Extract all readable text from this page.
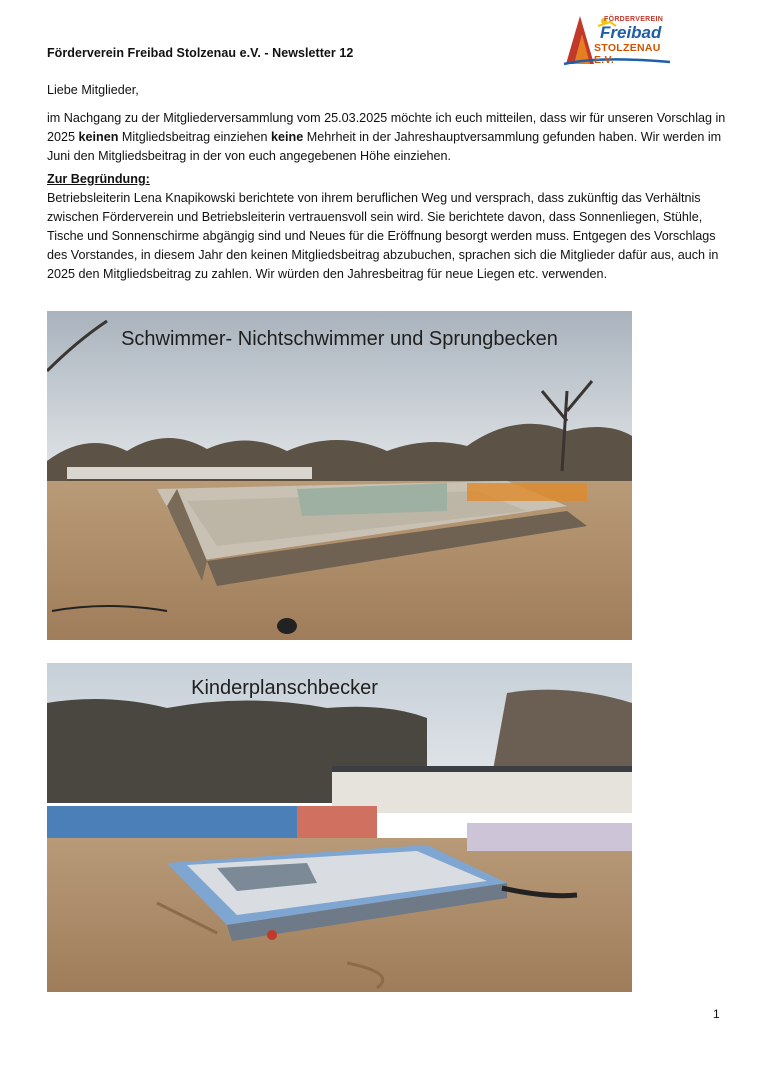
Förderverein Freibad Stolzenau e.V. - Newsletter 12
FÖRDERVEREIN
Freibad
STOLZENAU E.V.
Liebe Mitglieder,
im Nachgang zu der Mitgliederversammlung vom 25.03.2025 möchte ich euch mitteilen, dass wir für unseren Vorschlag in 2025 keinen Mitgliedsbeitrag einziehen keine Mehrheit in der Jahreshauptversammlung gefunden haben. Wir werden im Juni den Mitgliedsbeitrag in der von euch angegebenen Höhe einziehen.
Zur Begründung:
Betriebsleiterin Lena Knapikowski berichtete von ihrem beruflichen Weg und versprach, dass zukünftig das Verhältnis zwischen Förderverein und Betriebsleiterin vertrauensvoll sein wird. Sie berichtete davon, dass Sonnenliegen, Stühle, Tische und Sonnenschirme abgängig sind und Neues für die Eröffnung besorgt werden muss. Entgegen des Vorschlags des Vorstandes, in diesem Jahr den keinen Mitgliedsbeitrag abzubuchen, sprachen sich die Mitglieder dafür aus, auch in 2025 den Mitgliedsbeitrag zu zahlen. Wir würden den Jahresbeitrag für neue Liegen etc. verwenden.
Schwimmer- Nichtschwimmer und Sprungbecken
Kinderplanschbecker
1
